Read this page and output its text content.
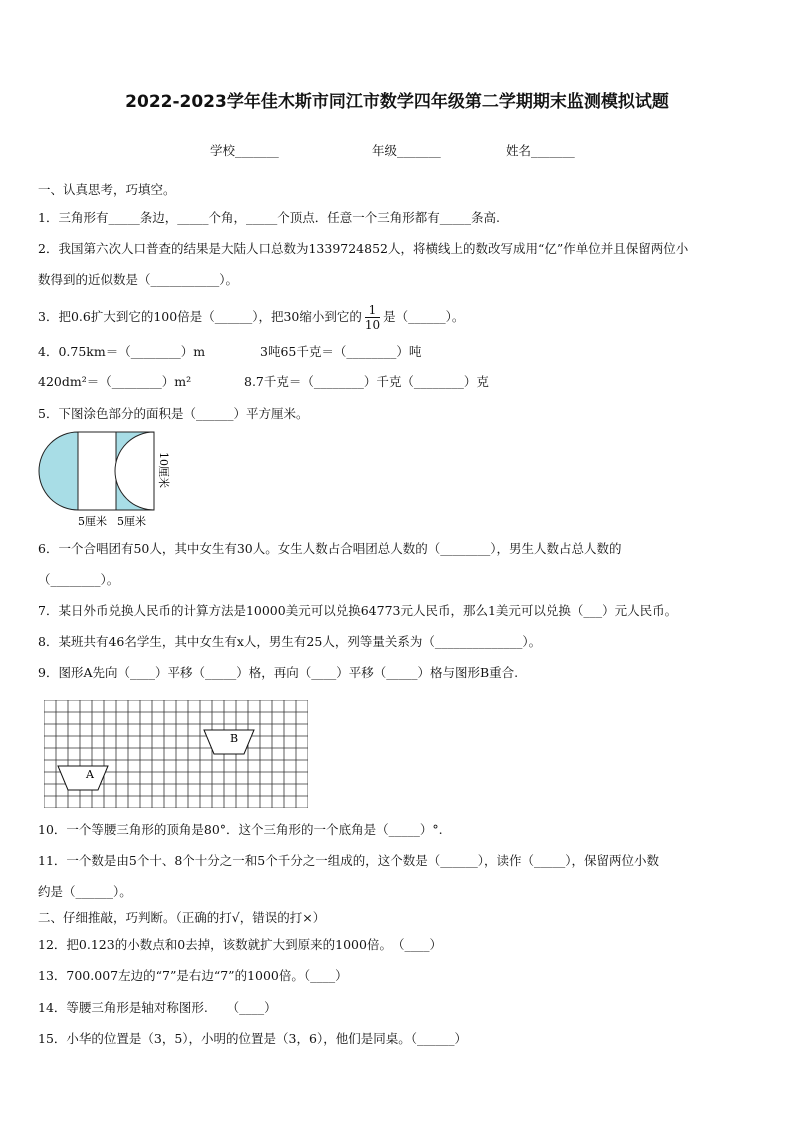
2022-2023学年佳木斯市同江市数学四年级第二学期期末监测模拟试题
学校_______	年级_______	姓名_______
一、认真思考，巧填空。
1．三角形有_____条边，_____个角，_____个顶点．任意一个三角形都有_____条高.
2．我国第六次人口普查的结果是大陆人口总数为1339724852人，将横线上的数改写成用“亿”作单位并且保留两位小
数得到的近似数是（___________）。
3．把0.6扩大到它的100倍是（______），把30缩小到它的 $\frac{1}{10}$ 是（______）。
4．0.75km＝（________）m	3吨65千克＝（________）吨
420dm²＝（________）m²	8.7千克＝（________）千克（________）克
5．下图涂色部分的面积是（______）平方厘米。
5厘米 5厘米
10厘米
6．一个合唱团有50人，其中女生有30人。女生人数占合唱团总人数的（________），男生人数占总人数的
（________）。
7．某日外币兑换人民币的计算方法是10000美元可以兑换64773元人民币，那么1美元可以兑换（___）元人民币。
8．某班共有46名学生，其中女生有x人，男生有25人，列等量关系为（______________）。
9．图形A先向（____）平移（_____）格，再向（____）平移（_____）格与图形B重合.
B
A
10．一个等腰三角形的顶角是80°．这个三角形的一个底角是（_____）°.
11．一个数是由5个十、8个十分之一和5个千分之一组成的，这个数是（______），读作（_____），保留两位小数
约是（______）。
二、仔细推敲，巧判断。（正确的打√，错误的打×）
12．把0.123的小数点和0去掉，该数就扩大到原来的1000倍。　（____）
13．700.007左边的“7”是右边“7”的1000倍。（____）
14．等腰三角形是轴对称图形.　　（____）
15．小华的位置是（3，5），小明的位置是（3，6），他们是同桌。（______）
